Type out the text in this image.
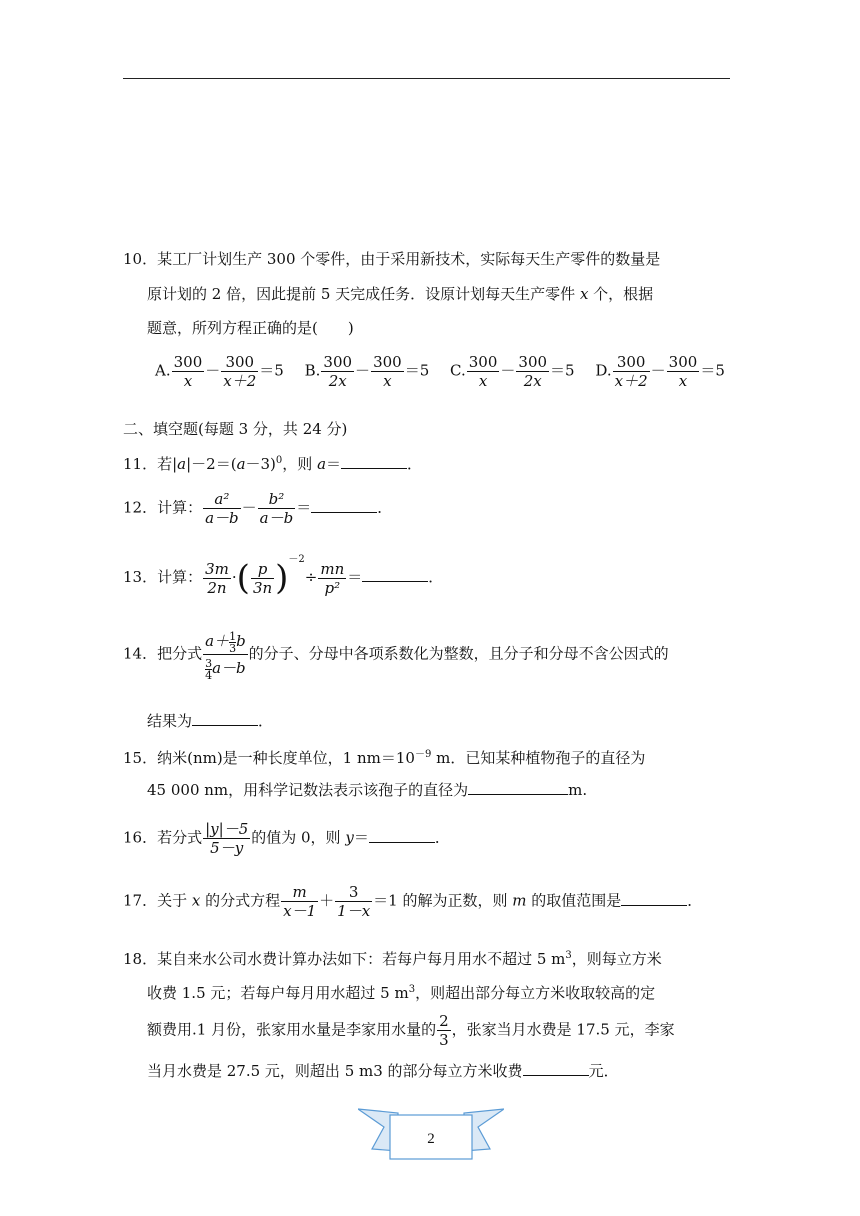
10．某工厂计划生产 300 个零件，由于采用新技术，实际每天生产零件的数量是
原计划的 2 倍，因此提前 5 天完成任务．设原计划每天生产零件 x 个，根据
题意，所列方程正确的是(　　)
A. $\frac{300}{x} - \frac{300}{x+2} =5$ B. $\frac{300}{2x} - \frac{300}{x} =5$ C. $\frac{300}{x} - \frac{300}{2x} =5$ D. $\frac{300}{x+2} - \frac{300}{x} =5$
二、填空题(每题 3 分，共 24 分)
11．若$|a|-2=(a-3)^0$，则 a＝	．
12．计算： $\frac{\text{a²}}{a-b} - \frac{\text{b²}}{a-b}$ ＝	．
13．计算： $\frac{3m}{2n}$ ·( $\frac{p}{3n} )^{-2}\div \frac{mn}{\text{p²}}$ ＝	．
14．把分式 $\frac{a+ \frac{1}{3} b}{\frac{3}{4} a-b}$ 的分子、分母中各项系数化为整数，且分子和分母不含公因式的
结果为	．
15．纳米(nm)是一种长度单位，1 $nm=10^{-9}$ m．已知某种植物孢子的直径为
45 000 nm，用科学记数法表示该孢子的直径为	m.
16．若分式 $\frac{|y|-5}{5-y}$ 的值为 0，则 y＝	．
17．关于 x 的分式方程 $\frac{m}{x-1} + \frac{3}{1-x} =1$ 的解为正数，则 m 的取值范围是	．
18．某自来水公司水费计算办法如下：若每户每月用水不超过 5 $m^3$，则每立方米
收费 1.5 元；若每户每月用水超过 5 $m^3$，则超出部分每立方米收取较高的定
额费用.1 月份，张家用水量是李家用水量的 $\frac{2}{3}$ ，张家当月水费是 17.5 元，李家
当月水费是 27.5 元，则超出 5 m3 的部分每立方米收费	元．
2
